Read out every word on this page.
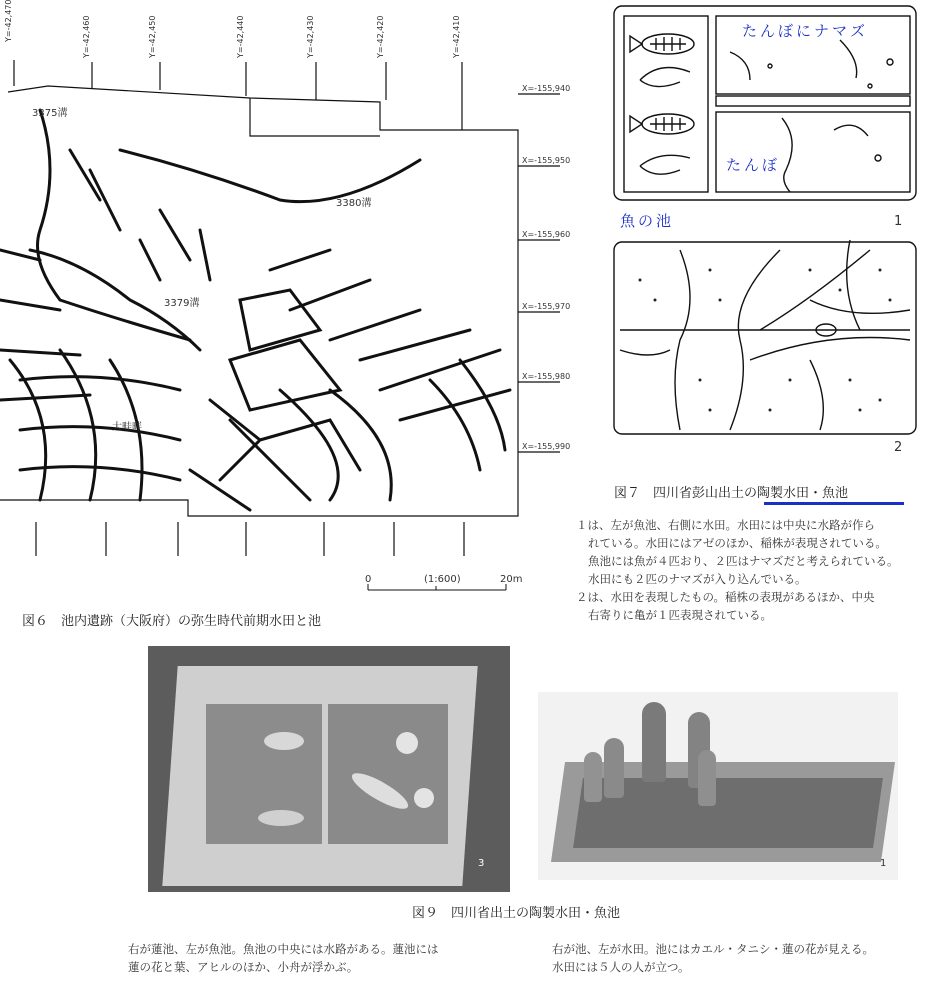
Y=-42,470	Y=-42,460	Y=-42,450	Y=-42,440	Y=-42,430	Y=-42,420	Y=-42,410
X=-155,940
X=-155,950
X=-155,960
X=-155,970
X=-155,980
X=-155,990
3375溝
3380溝
3379溝
大畦畔
0	(1:600)	20m
図６　池内遺跡（大阪府）の弥生時代前期水田と池
たんぼにナマズ
たんぼ
魚の池	1
2
図７　四川省彭山出土の陶製水田・魚池
１は、左が魚池、右側に水田。水田には中央に水路が作ら
れている。水田にはアゼのほか、稲株が表現されている。
魚池には魚が４匹おり、２匹はナマズだと考えられている。
水田にも２匹のナマズが入り込んでいる。
２は、水田を表現したもの。稲株の表現があるほか、中央
右寄りに亀が１匹表現されている。
3	1
図９　四川省出土の陶製水田・魚池
右が蓮池、左が魚池。魚池の中央には水路がある。蓮池には
蓮の花と葉、アヒルのほか、小舟が浮かぶ。
右が池、左が水田。池にはカエル・タニシ・蓮の花が見える。
水田には５人の人が立つ。
